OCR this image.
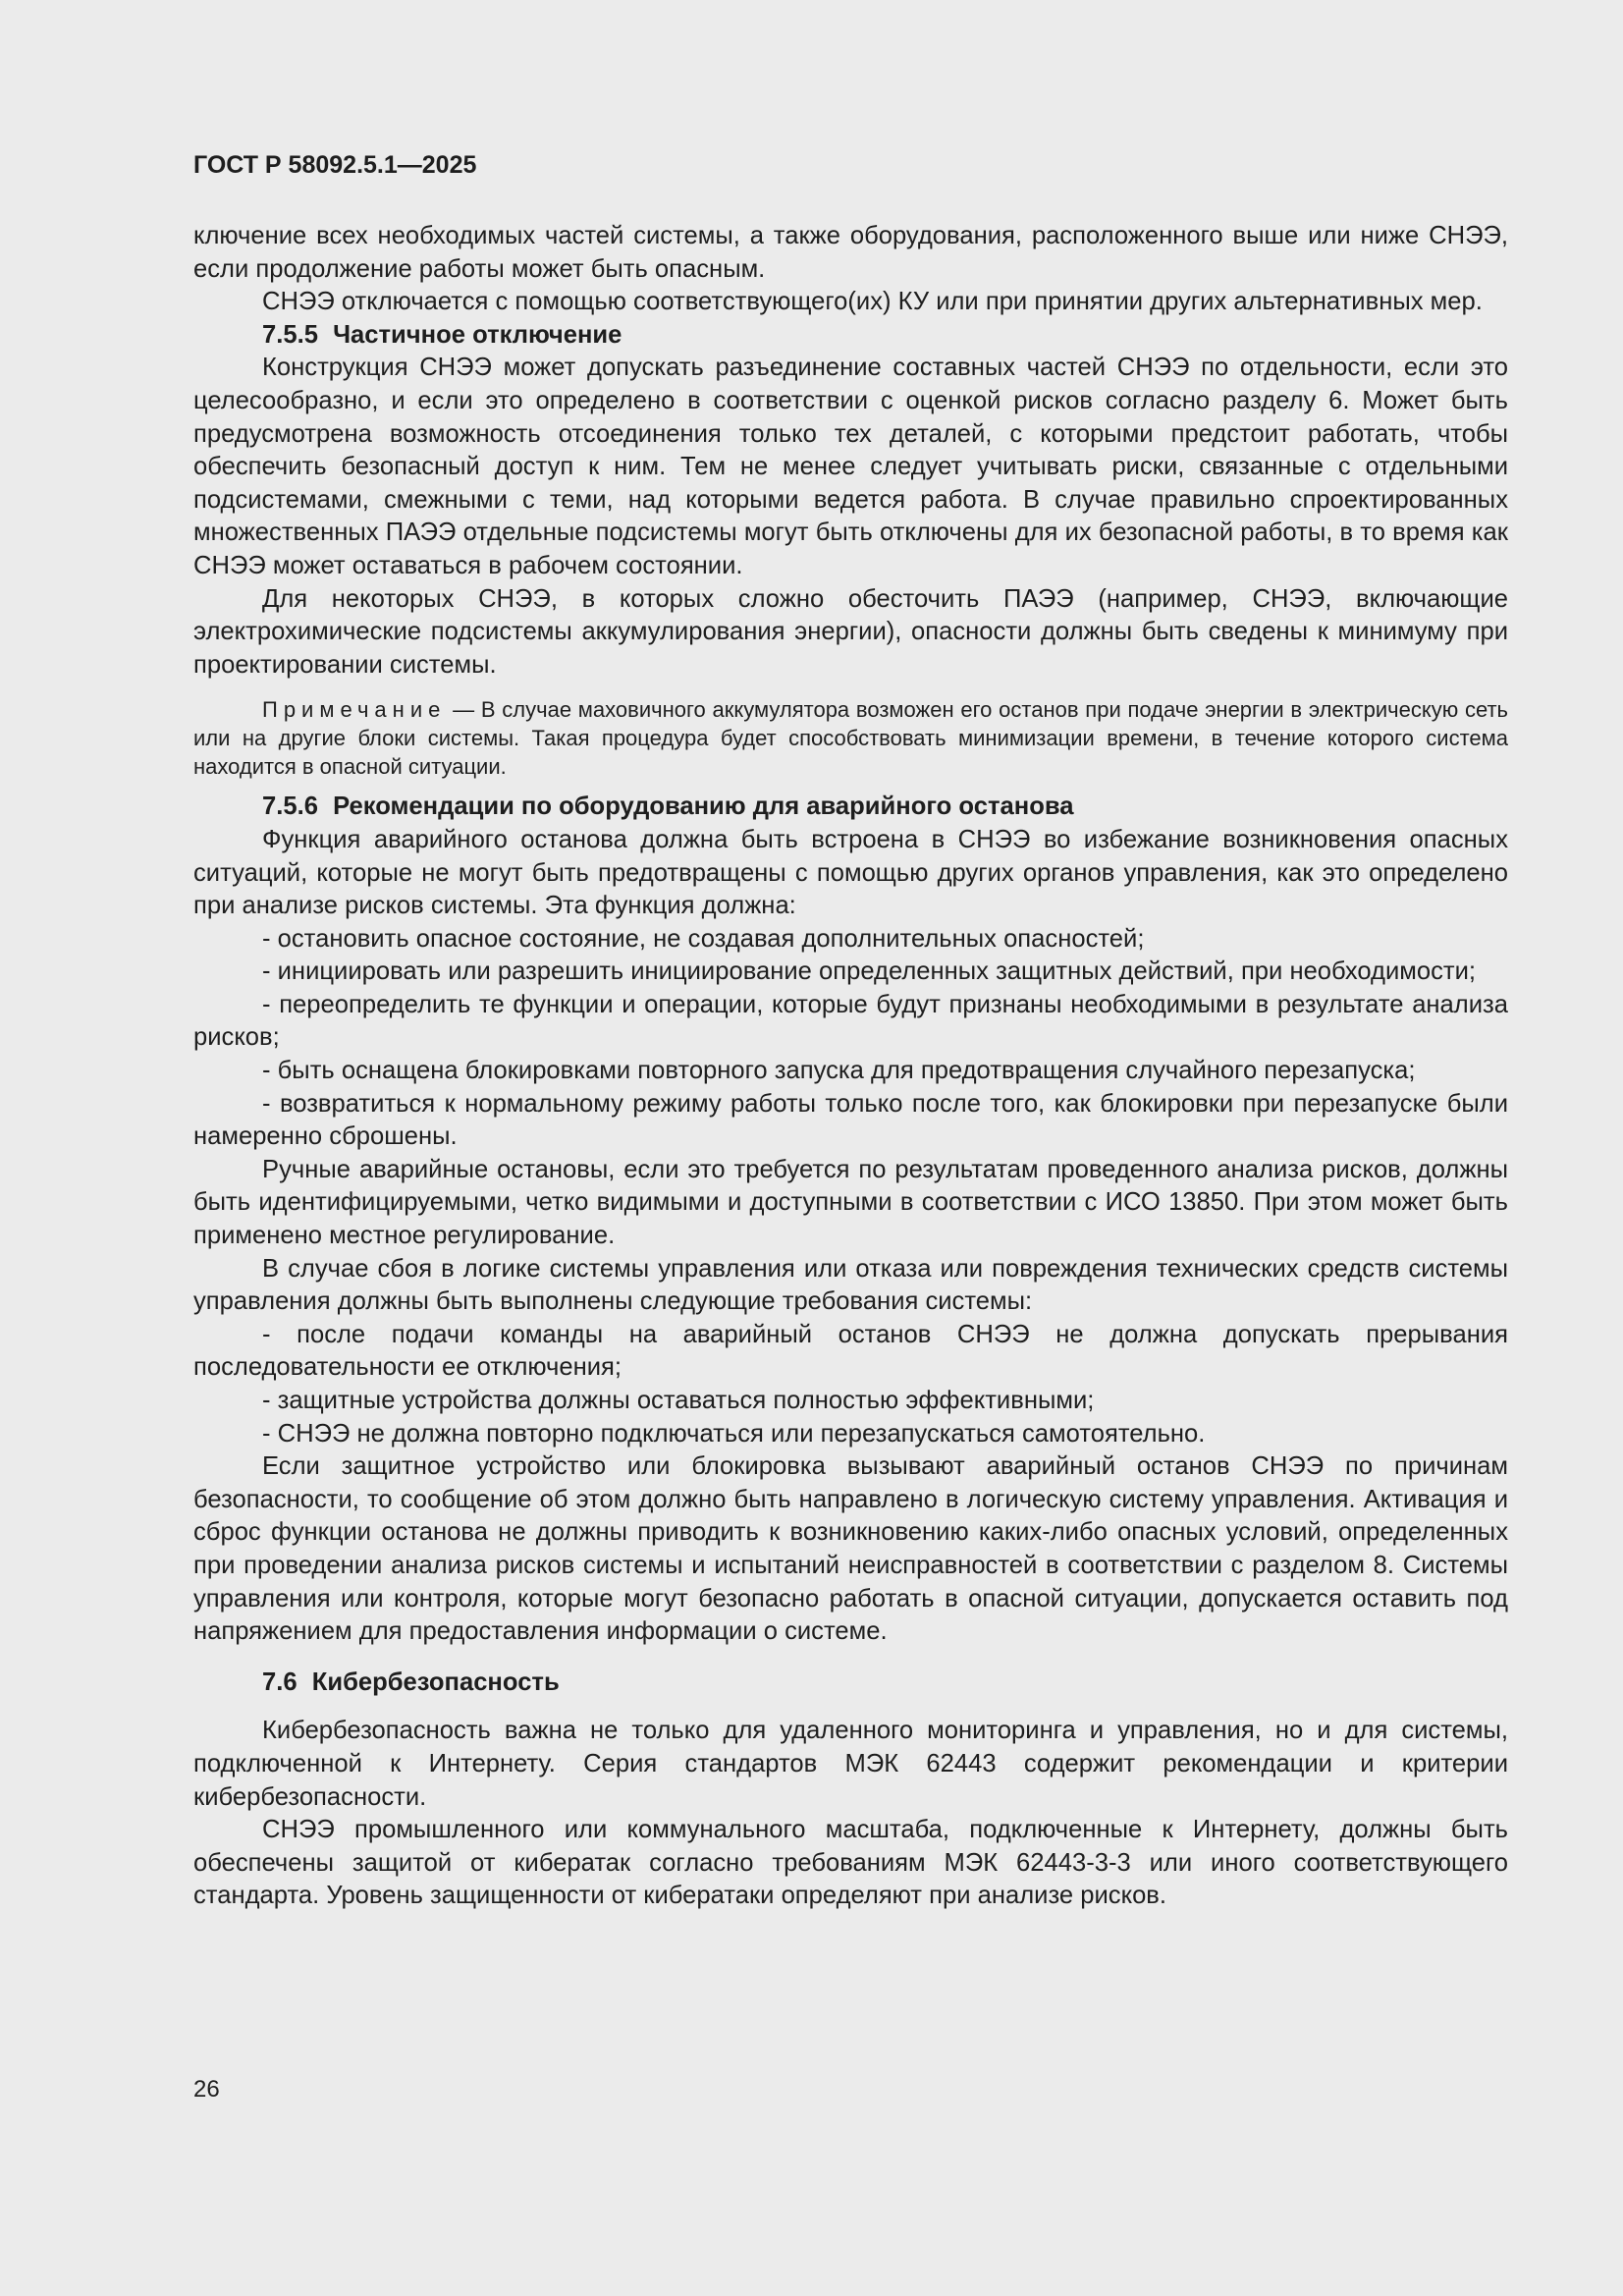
ГОСТ Р 58092.5.1—2025

ключение всех необходимых частей системы, а также оборудования, расположенного выше или ниже СНЭЭ, если продолжение работы может быть опасным.

СНЭЭ отключается с помощью соответствующего(их) КУ или при принятии других альтернативных мер.

7.5.5 Частичное отключение

Конструкция СНЭЭ может допускать разъединение составных частей СНЭЭ по отдельности, если это целесообразно, и если это определено в соответствии с оценкой рисков согласно разделу 6. Может быть предусмотрена возможность отсоединения только тех деталей, с которыми предстоит работать, чтобы обеспечить безопасный доступ к ним. Тем не менее следует учитывать риски, связанные с отдельными подсистемами, смежными с теми, над которыми ведется работа. В случае правильно спроектированных множественных ПАЭЭ отдельные подсистемы могут быть отключены для их безопасной работы, в то время как СНЭЭ может оставаться в рабочем состоянии.

Для некоторых СНЭЭ, в которых сложно обесточить ПАЭЭ (например, СНЭЭ, включающие электрохимические подсистемы аккумулирования энергии), опасности должны быть сведены к минимуму при проектировании системы.

Примечание — В случае маховичного аккумулятора возможен его останов при подаче энергии в электрическую сеть или на другие блоки системы. Такая процедура будет способствовать минимизации времени, в течение которого система находится в опасной ситуации.

7.5.6 Рекомендации по оборудованию для аварийного останова

Функция аварийного останова должна быть встроена в СНЭЭ во избежание возникновения опасных ситуаций, которые не могут быть предотвращены с помощью других органов управления, как это определено при анализе рисков системы. Эта функция должна:

- остановить опасное состояние, не создавая дополнительных опасностей;

- инициировать или разрешить инициирование определенных защитных действий, при необходимости;

- переопределить те функции и операции, которые будут признаны необходимыми в результате анализа рисков;

- быть оснащена блокировками повторного запуска для предотвращения случайного перезапуска;

- возвратиться к нормальному режиму работы только после того, как блокировки при перезапуске были намеренно сброшены.

Ручные аварийные остановы, если это требуется по результатам проведенного анализа рисков, должны быть идентифицируемыми, четко видимыми и доступными в соответствии с ИСО 13850. При этом может быть применено местное регулирование.

В случае сбоя в логике системы управления или отказа или повреждения технических средств системы управления должны быть выполнены следующие требования системы:

- после подачи команды на аварийный останов СНЭЭ не должна допускать прерывания последовательности ее отключения;

- защитные устройства должны оставаться полностью эффективными;

- СНЭЭ не должна повторно подключаться или перезапускаться самотоятельно.

Если защитное устройство или блокировка вызывают аварийный останов СНЭЭ по причинам безопасности, то сообщение об этом должно быть направлено в логическую систему управления. Активация и сброс функции останова не должны приводить к возникновению каких-либо опасных условий, определенных при проведении анализа рисков системы и испытаний неисправностей в соответствии с разделом 8. Системы управления или контроля, которые могут безопасно работать в опасной ситуации, допускается оставить под напряжением для предоставления информации о системе.

7.6 Кибербезопасность

Кибербезопасность важна не только для удаленного мониторинга и управления, но и для системы, подключенной к Интернету. Серия стандартов МЭК 62443 содержит рекомендации и критерии кибербезопасности.

СНЭЭ промышленного или коммунального масштаба, подключенные к Интернету, должны быть обеспечены защитой от кибератак согласно требованиям МЭК 62443-3-3 или иного соответствующего стандарта. Уровень защищенности от кибератаки определяют при анализе рисков.

26
